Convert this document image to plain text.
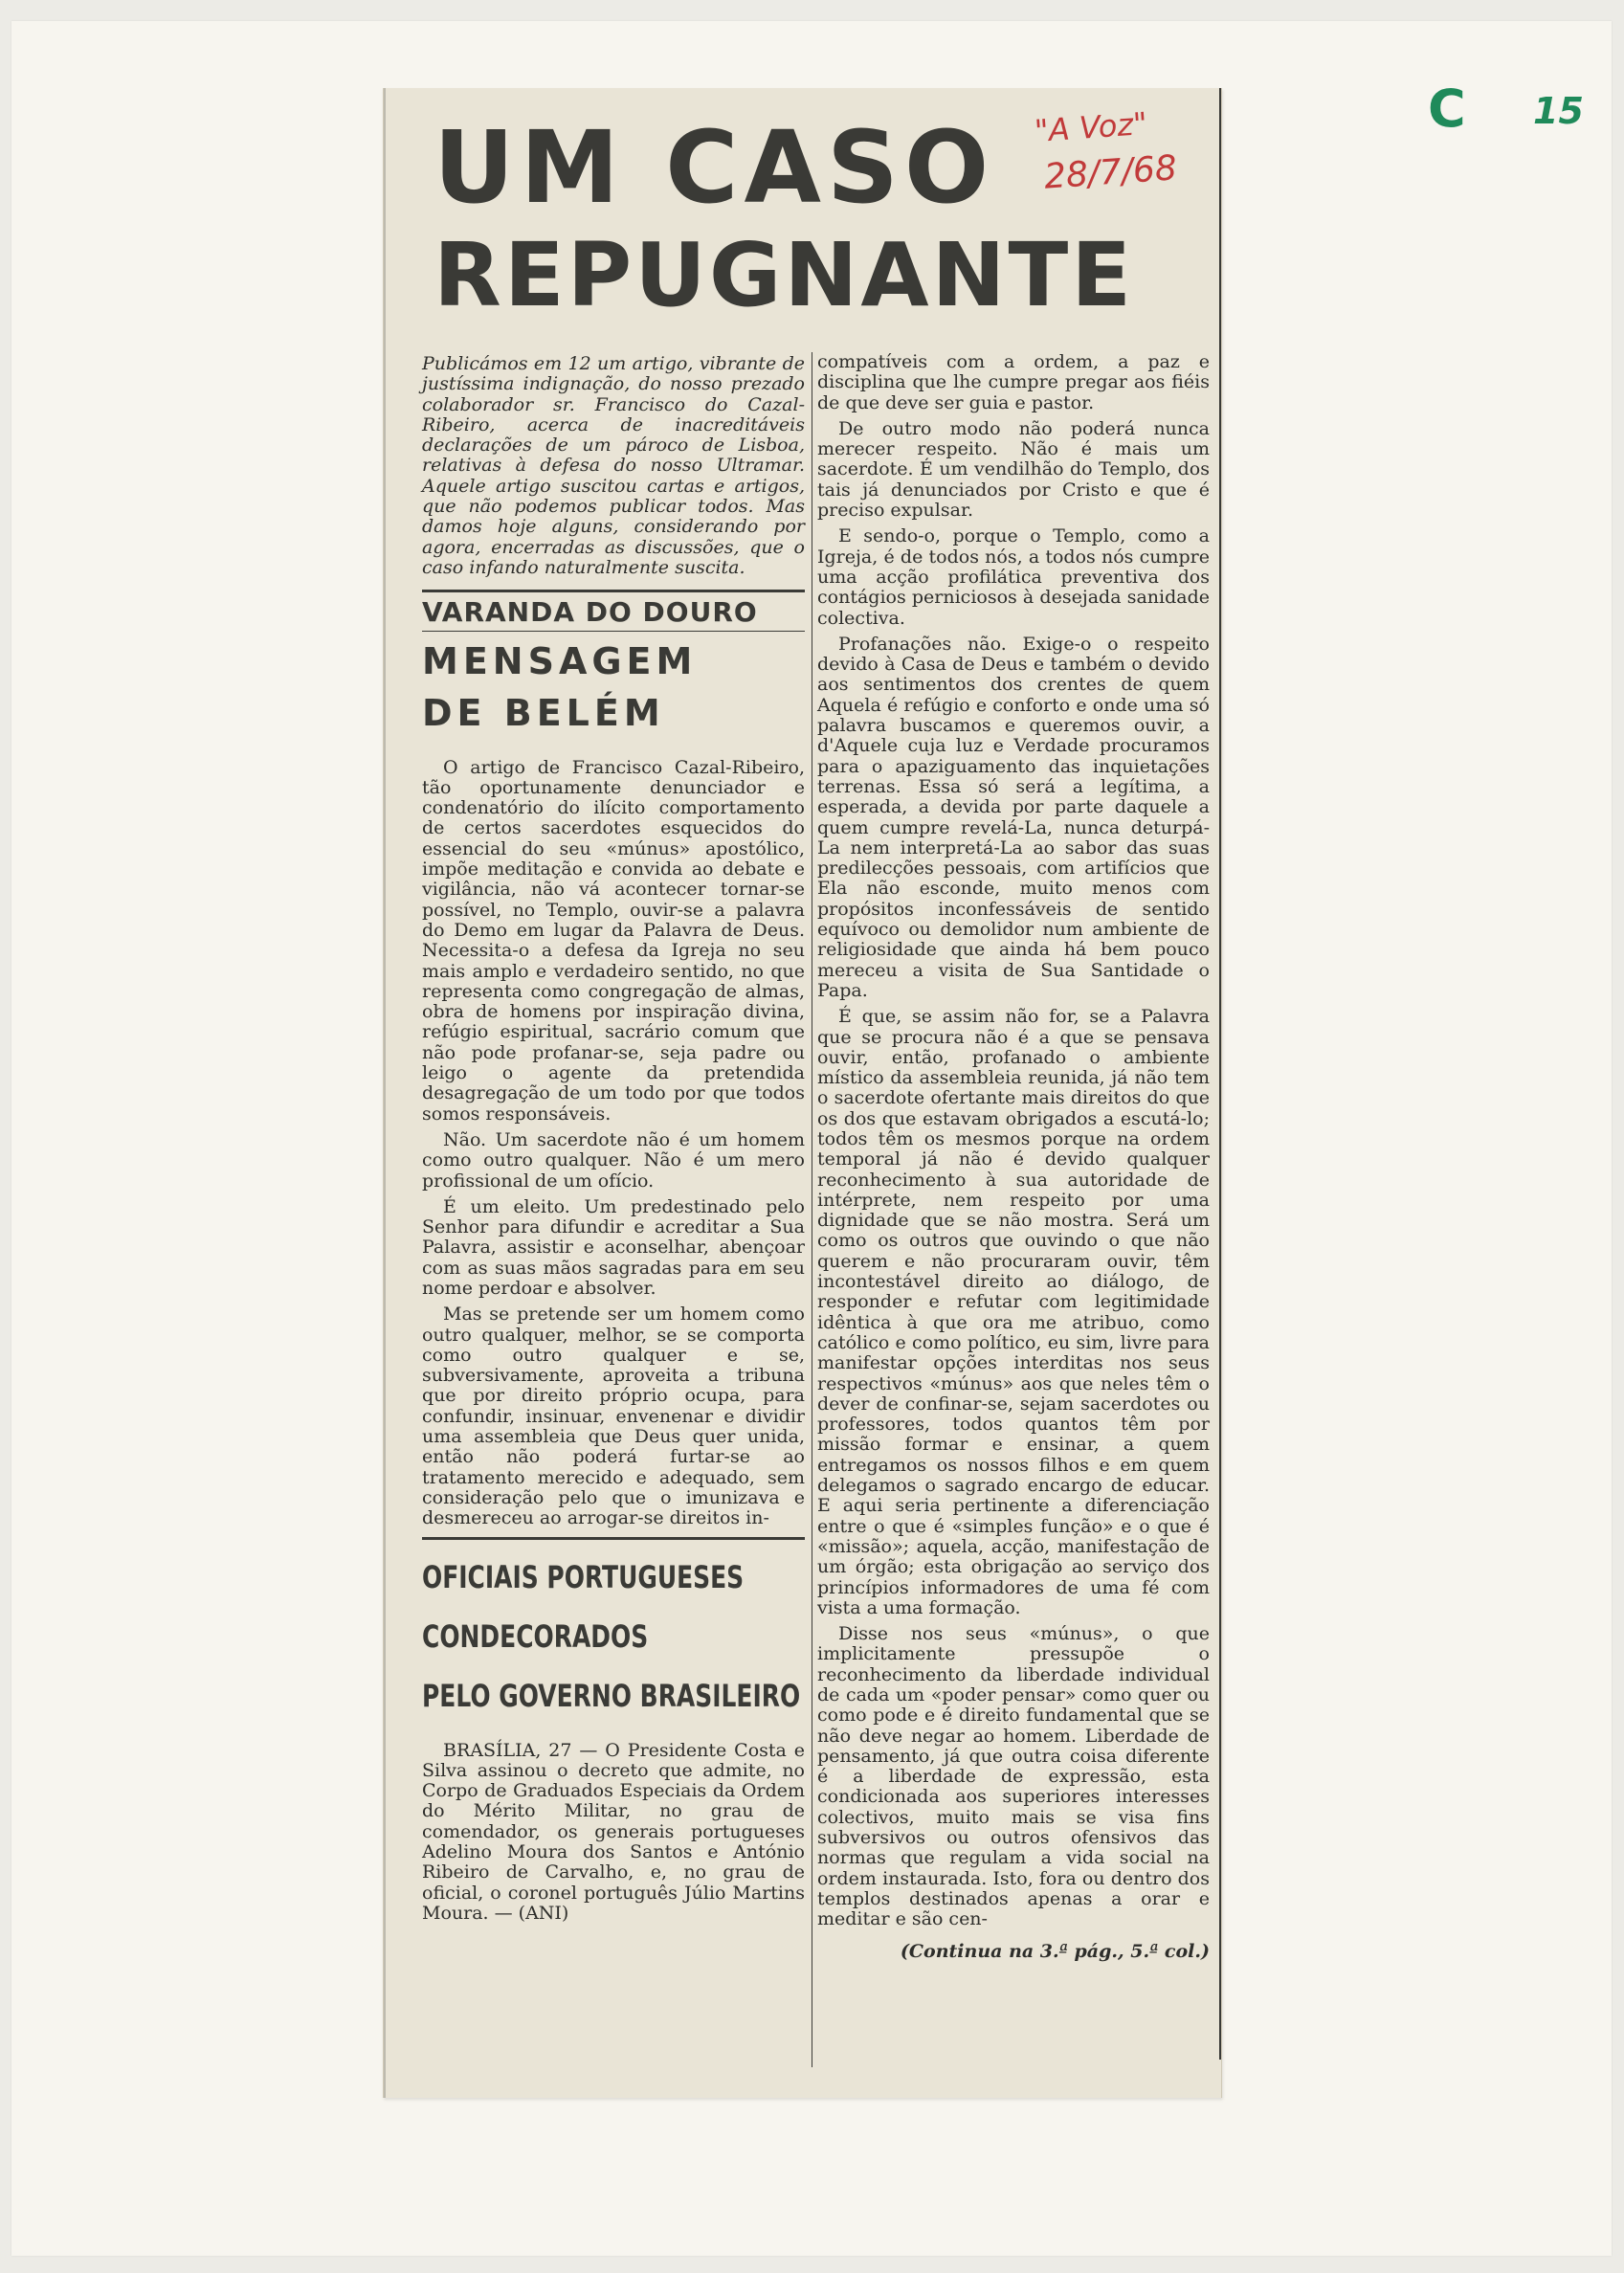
C 15
UM CASO
REPUGNANTE
"A Voz"
28/7/68

Publicámos em 12 um artigo, vibrante de justíssima indignação, do nosso prezado colaborador sr. Francisco do Cazal-Ribeiro, acerca de inacreditáveis declarações de um pároco de Lisboa, relativas à defesa do nosso Ultramar. Aquele artigo suscitou cartas e artigos, que não podemos publicar todos. Mas damos hoje alguns, considerando por agora, encerradas as discussões, que o caso infando naturalmente suscita.

VARANDA DO DOURO
MENSAGEM
DE BELÉM

O artigo de Francisco Cazal-Ribeiro, tão oportunamente denunciador e condenatório do ilícito comportamento de certos sacerdotes esquecidos do essencial do seu «múnus» apostólico, impõe meditação e convida ao debate e vigilância, não vá acontecer tornar-se possível, no Templo, ouvir-se a palavra do Demo em lugar da Palavra de Deus. Necessita-o a defesa da Igreja no seu mais amplo e verdadeiro sentido, no que representa como congregação de almas, obra de homens por inspiração divina, refúgio espiritual, sacrário comum que não pode profanar-se, seja padre ou leigo o agente da pretendida desagregação de um todo por que todos somos responsáveis.

Não. Um sacerdote não é um homem como outro qualquer. Não é um mero profissional de um ofício.

É um eleito. Um predestinado pelo Senhor para difundir e acreditar a Sua Palavra, assistir e aconselhar, abençoar com as suas mãos sagradas para em seu nome perdoar e absolver.

Mas se pretende ser um homem como outro qualquer, melhor, se se comporta como outro qualquer e se, subversivamente, aproveita a tribuna que por direito próprio ocupa, para confundir, insinuar, envenenar e dividir uma assembleia que Deus quer unida, então não poderá furtar-se ao tratamento merecido e adequado, sem consideração pelo que o imunizava e desmereceu ao arrogar-se direitos in-

OFICIAIS PORTUGUESES
CONDECORADOS
PELO GOVERNO BRASILEIRO

BRASÍLIA, 27 — O Presidente Costa e Silva assinou o decreto que admite, no Corpo de Graduados Especiais da Ordem do Mérito Militar, no grau de comendador, os generais portugueses Adelino Moura dos Santos e António Ribeiro de Carvalho, e, no grau de oficial, o coronel português Júlio Martins Moura. — (ANI)

compatíveis com a ordem, a paz e disciplina que lhe cumpre pregar aos fiéis de que deve ser guia e pastor.

De outro modo não poderá nunca merecer respeito. Não é mais um sacerdote. É um vendilhão do Templo, dos tais já denunciados por Cristo e que é preciso expulsar.

E sendo-o, porque o Templo, como a Igreja, é de todos nós, a todos nós cumpre uma acção profilática preventiva dos contágios perniciosos à desejada sanidade colectiva.

Profanações não. Exige-o o respeito devido à Casa de Deus e também o devido aos sentimentos dos crentes de quem Aquela é refúgio e conforto e onde uma só palavra buscamos e queremos ouvir, a d'Aquele cuja luz e Verdade procuramos para o apaziguamento das inquietações terrenas. Essa só será a legítima, a esperada, a devida por parte daquele a quem cumpre revelá-La, nunca deturpá-La nem interpretá-La ao sabor das suas predilecções pessoais, com artifícios que Ela não esconde, muito menos com propósitos inconfessáveis de sentido equívoco ou demolidor num ambiente de religiosidade que ainda há bem pouco mereceu a visita de Sua Santidade o Papa.

É que, se assim não for, se a Palavra que se procura não é a que se pensava ouvir, então, profanado o ambiente místico da assembleia reunida, já não tem o sacerdote ofertante mais direitos do que os dos que estavam obrigados a escutá-lo; todos têm os mesmos porque na ordem temporal já não é devido qualquer reconhecimento à sua autoridade de intérprete, nem respeito por uma dignidade que se não mostra. Será um como os outros que ouvindo o que não querem e não procuraram ouvir, têm incontestável direito ao diálogo, de responder e refutar com legitimidade idêntica à que ora me atribuo, como católico e como político, eu sim, livre para manifestar opções interditas nos seus respectivos «múnus» aos que neles têm o dever de confinar-se, sejam sacerdotes ou professores, todos quantos têm por missão formar e ensinar, a quem entregamos os nossos filhos e em quem delegamos o sagrado encargo de educar. E aqui seria pertinente a diferenciação entre o que é «simples função» e o que é «missão»; aquela, acção, manifestação de um órgão; esta obrigação ao serviço dos princípios informadores de uma fé com vista a uma formação.

Disse nos seus «múnus», o que implicitamente pressupõe o reconhecimento da liberdade individual de cada um «poder pensar» como quer ou como pode e é direito fundamental que se não deve negar ao homem. Liberdade de pensamento, já que outra coisa diferente é a liberdade de expressão, esta condicionada aos superiores interesses colectivos, muito mais se visa fins subversivos ou outros ofensivos das normas que regulam a vida social na ordem instaurada. Isto, fora ou dentro dos templos destinados apenas a orar e meditar e são cen-

(Continua na 3.ª pág., 5.ª col.)
